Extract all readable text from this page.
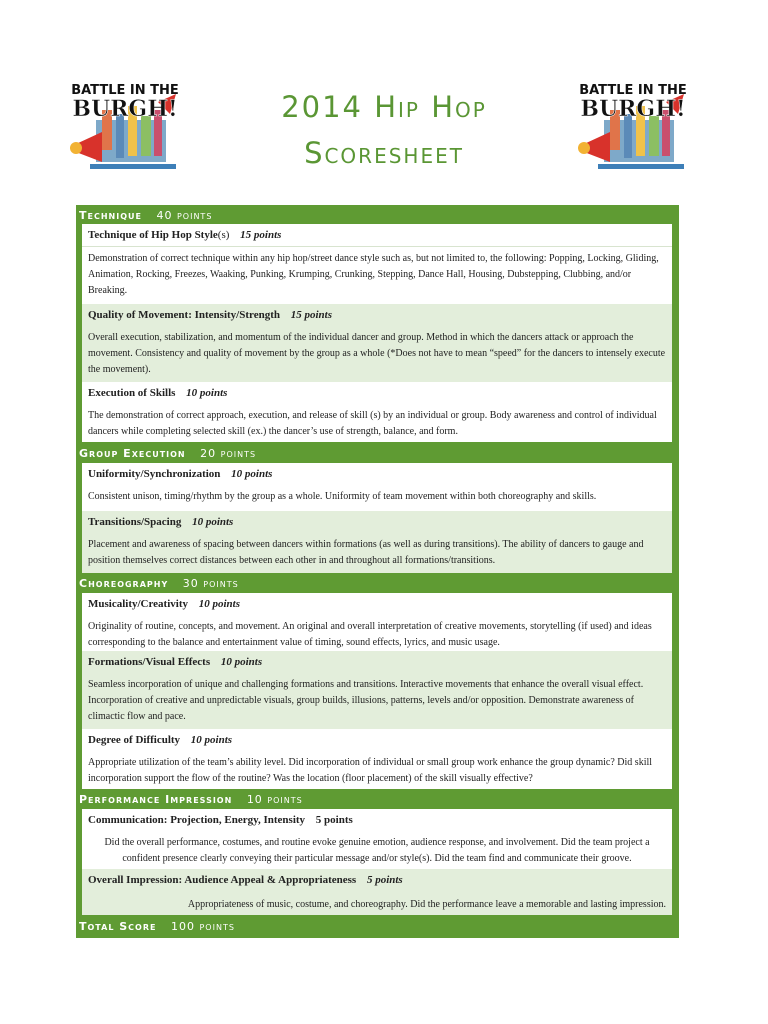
BATTLE IN THE
BURGH!
BATTLE IN THE
BURGH!
2014 Hip Hop
Scoresheet
Technique 40 points
Technique of Hip Hop Style(s) 15 points
Demonstration of correct technique within any hip hop/street dance style such as, but not limited to, the following: Popping, Locking, Gliding, Animation, Rocking, Freezes, Waaking, Punking, Krumping, Crunking, Stepping, Dance Hall, Housing, Dubstepping, Clubbing, and/or Breaking.
Quality of Movement: Intensity/Strength 15 points
Overall execution, stabilization, and momentum of the individual dancer and group. Method in which the dancers attack or approach the movement. Consistency and quality of movement by the group as a whole (*Does not have to mean “speed” for the dancers to intensely execute the movement).
Execution of Skills 10 points
The demonstration of correct approach, execution, and release of skill (s) by an individual or group. Body awareness and control of individual dancers while completing selected skill (ex.) the dancer’s use of strength, balance, and form.
Group Execution 20 points
Uniformity/Synchronization 10 points
Consistent unison, timing/rhythm by the group as a whole. Uniformity of team movement within both choreography and skills.
Transitions/Spacing 10 points
Placement and awareness of spacing between dancers within formations (as well as during transitions). The ability of dancers to gauge and position themselves correct distances between each other in and throughout all formations/transitions.
Choreography 30 points
Musicality/Creativity 10 points
Originality of routine, concepts, and movement. An original and overall interpretation of creative movements, storytelling (if used) and ideas corresponding to the balance and entertainment value of timing, sound effects, lyrics, and music usage.
Formations/Visual Effects 10 points
Seamless incorporation of unique and challenging formations and transitions. Interactive movements that enhance the overall visual effect. Incorporation of creative and unpredictable visuals, group builds, illusions, patterns, levels and/or opposition. Demonstrate awareness of climactic flow and pace.
Degree of Difficulty 10 points
Appropriate utilization of the team’s ability level. Did incorporation of individual or small group work enhance the group dynamic? Did skill incorporation support the flow of the routine? Was the location (floor placement) of the skill visually effective?
Performance Impression 10 points
Communication: Projection, Energy, Intensity 5 points
Did the overall performance, costumes, and routine evoke genuine emotion, audience response, and involvement. Did the team project a confident presence clearly conveying their particular message and/or style(s). Did the team find and communicate their groove.
Overall Impression: Audience Appeal & Appropriateness 5 points
Appropriateness of music, costume, and choreography. Did the performance leave a memorable and lasting impression.
Total Score 100 points
